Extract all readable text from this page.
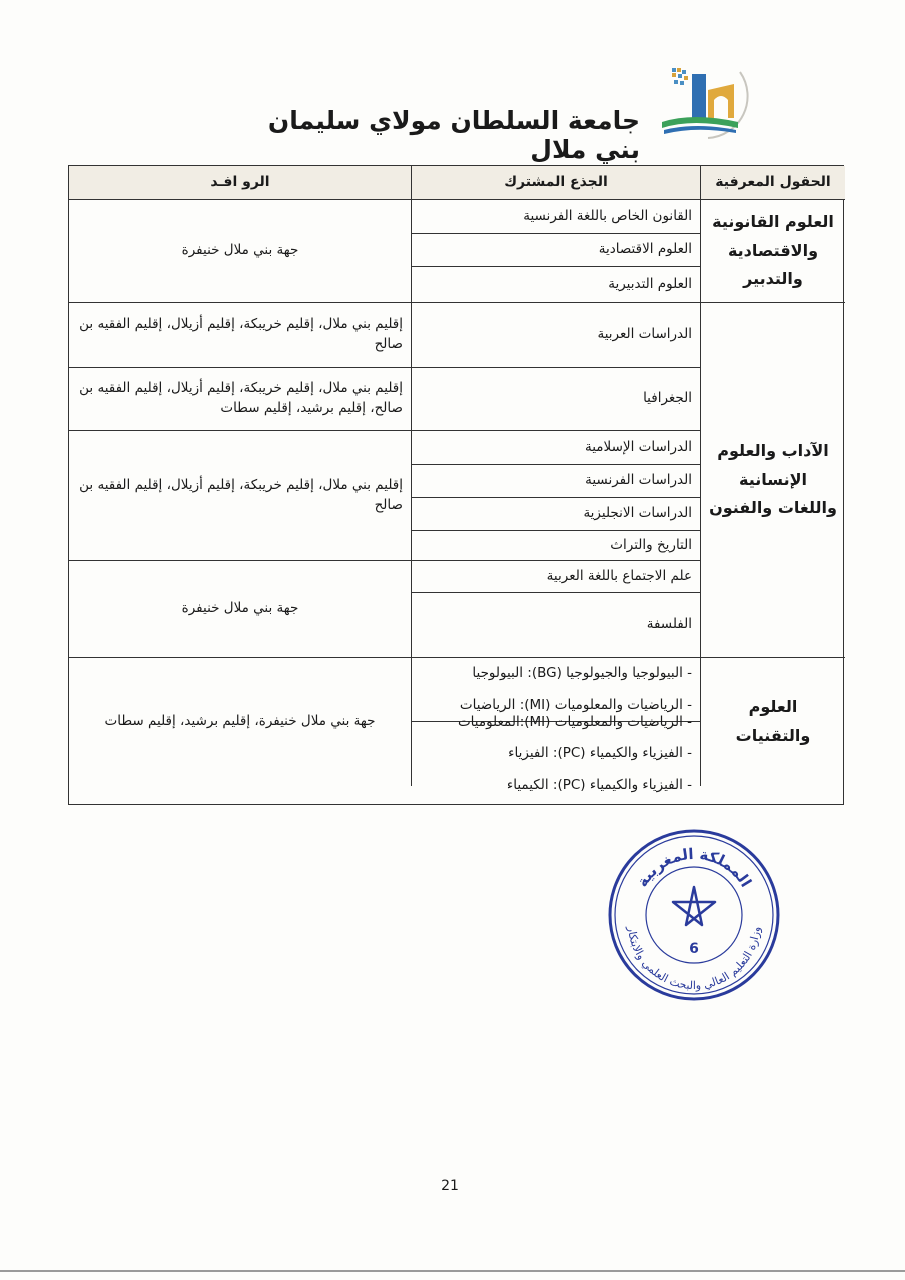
جامعة السلطان مولاي سليمان بني ملال
الرو افـد	الجذع المشترك	الحقول المعرفية
العلوم القانونية والاقتصادية والتدبير
الآداب والعلوم الإنسانية واللغات والفنون
العلوم والتقنيات
القانون الخاص باللغة الفرنسية
العلوم الاقتصادية
العلوم التدبيرية
الدراسات العربية
الجغرافيا
الدراسات الإسلامية
الدراسات الفرنسية
الدراسات الانجليزية
التاريخ والتراث
علم الاجتماع باللغة العربية
الفلسفة
- البيولوجيا والجيولوجيا (BG): البيولوجيا
- الرياضيات والمعلوميات (MI): الرياضيات
- الرياضيات والمعلوميات (MI):المعلوميات
- الفيزياء والكيمياء (PC): الفيزياء
- الفيزياء والكيمياء (PC): الكيمياء
جهة بني ملال خنيفرة
إقليم بني ملال، إقليم خريبكة، إقليم أزيلال، إقليم الفقيه بن صالح
إقليم بني ملال، إقليم خريبكة، إقليم أزيلال، إقليم الفقيه بن صالح، إقليم برشيد، إقليم سطات
إقليم بني ملال، إقليم خريبكة، إقليم أزيلال، إقليم الفقيه بن صالح
جهة بني ملال خنيفرة
جهة بني ملال خنيفرة، إقليم برشيد، إقليم سطات
المملكة المغربية
وزارة التعليم العالي والبحث العلمي والابتكار
6
21
